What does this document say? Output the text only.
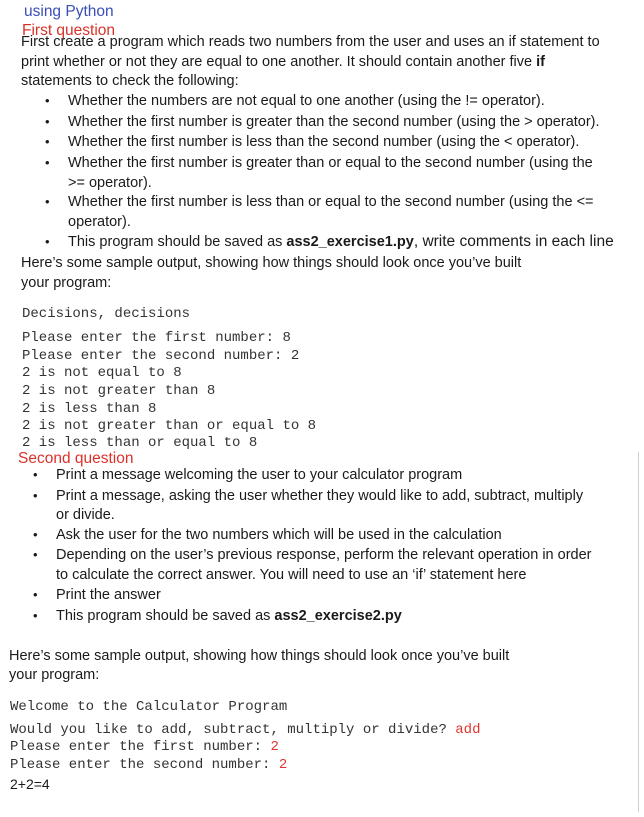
using Python
First question
First create a program which reads two numbers from the user and uses an if statement to
print whether or not they are equal to one another. It should contain another five if
statements to check the following:
• Whether the numbers are not equal to one another (using the != operator).
• Whether the first number is greater than the second number (using the > operator).
• Whether the first number is less than the second number (using the < operator).
• Whether the first number is greater than or equal to the second number (using the
>= operator).
• Whether the first number is less than or equal to the second number (using the <=
operator).
• This program should be saved as ass2_exercise1.py, write comments in each line
Here’s some sample output, showing how things should look once you’ve built
your program:
Decisions, decisions
Please enter the first number: 8
Please enter the second number: 2
2 is not equal to 8
2 is not greater than 8
2 is less than 8
2 is not greater than or equal to 8
2 is less than or equal to 8
Second question
• Print a message welcoming the user to your calculator program
• Print a message, asking the user whether they would like to add, subtract, multiply
or divide.
• Ask the user for the two numbers which will be used in the calculation
• Depending on the user’s previous response, perform the relevant operation in order
to calculate the correct answer. You will need to use an ‘if’ statement here
• Print the answer
• This program should be saved as ass2_exercise2.py
Here’s some sample output, showing how things should look once you’ve built
your program:
Welcome to the Calculator Program
Would you like to add, subtract, multiply or divide? add
Please enter the first number: 2
Please enter the second number: 2
2+2=4
